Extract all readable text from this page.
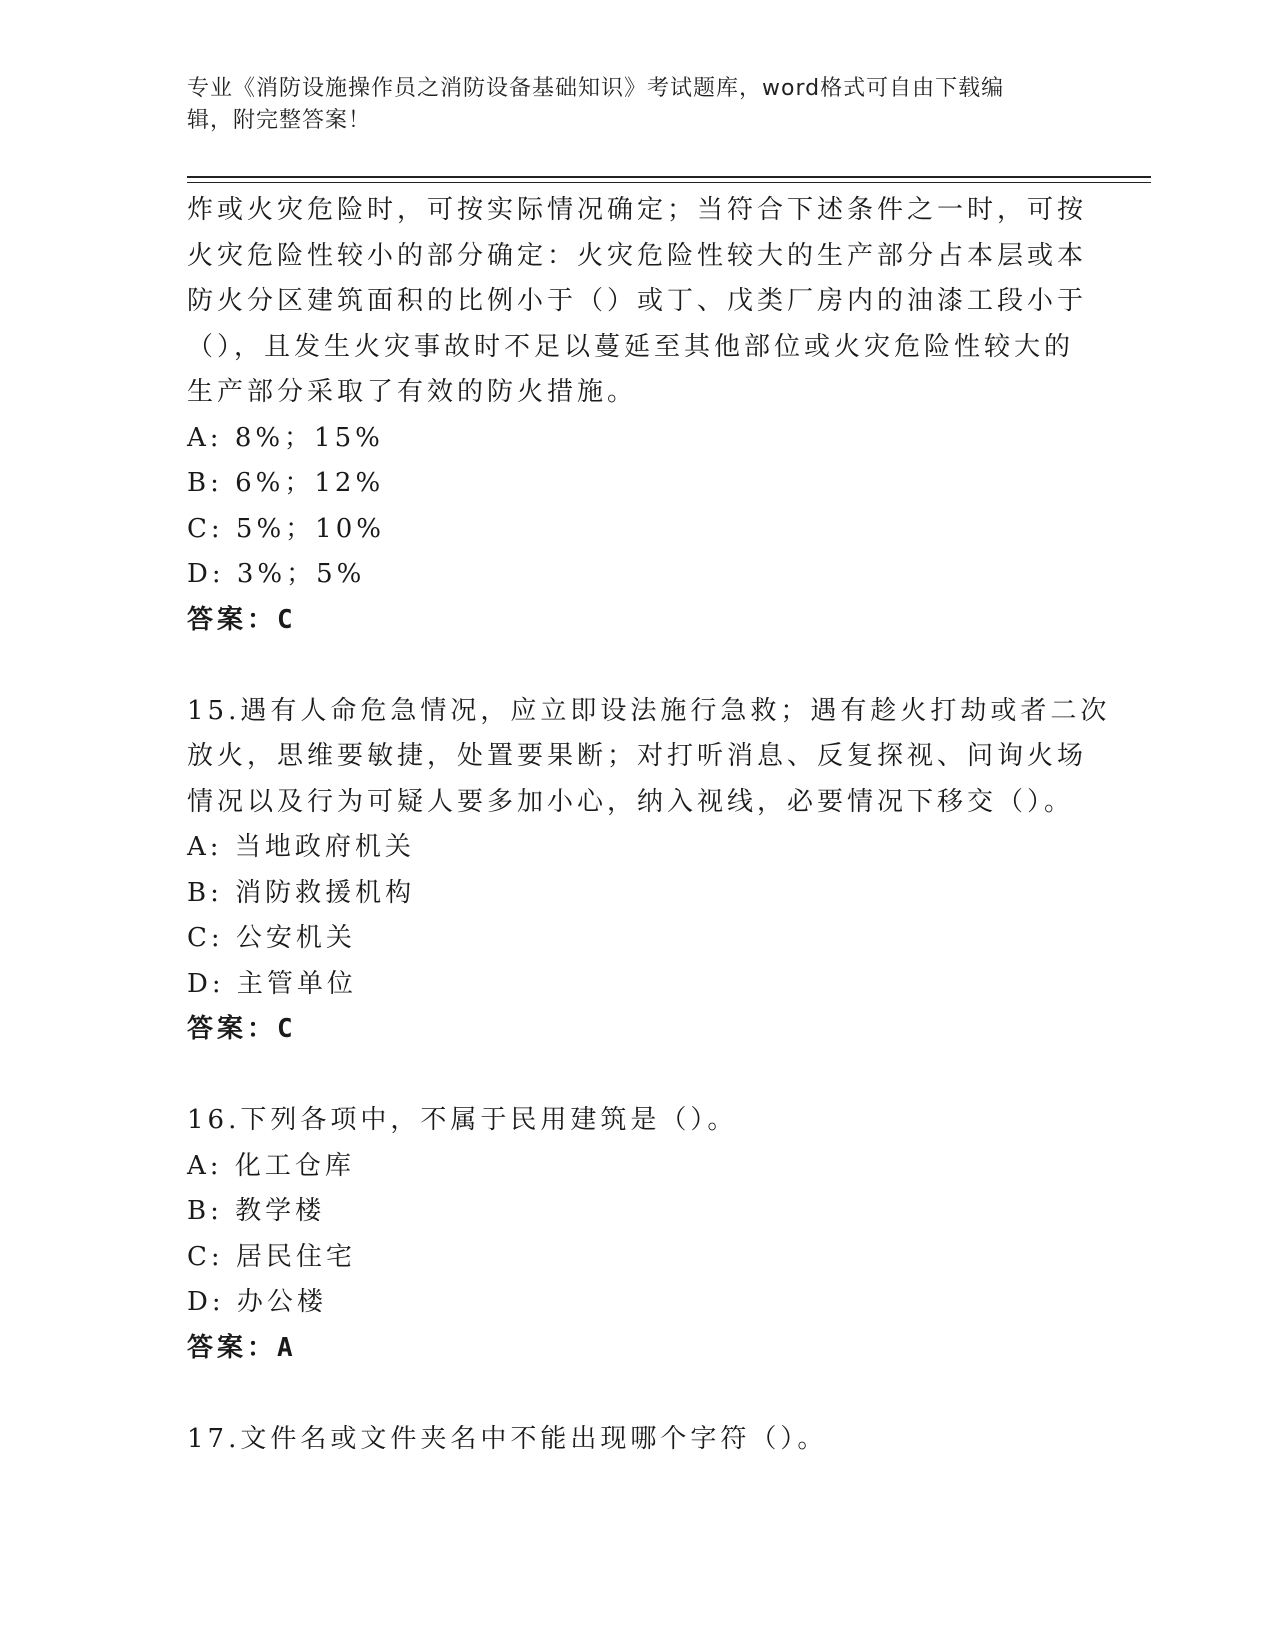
专业《消防设施操作员之消防设备基础知识》考试题库，word格式可自由下载编
辑，附完整答案！
炸或火灾危险时，可按实际情况确定；当符合下述条件之一时，可按
火灾危险性较小的部分确定：火灾危险性较大的生产部分占本层或本
防火分区建筑面积的比例小于（）或丁、戊类厂房内的油漆工段小于
（），且发生火灾事故时不足以蔓延至其他部位或火灾危险性较大的
生产部分采取了有效的防火措施。
A: 8%；15%
B: 6%；12%
C: 5%；10%
D: 3%；5%
答案：C
15.遇有人命危急情况，应立即设法施行急救；遇有趁火打劫或者二次
放火，思维要敏捷，处置要果断；对打听消息、反复探视、问询火场
情况以及行为可疑人要多加小心，纳入视线，必要情况下移交（）。
A: 当地政府机关
B: 消防救援机构
C: 公安机关
D: 主管单位
答案：C
16.下列各项中，不属于民用建筑是（）。
A: 化工仓库
B: 教学楼
C: 居民住宅
D: 办公楼
答案：A
17.文件名或文件夹名中不能出现哪个字符（）。
